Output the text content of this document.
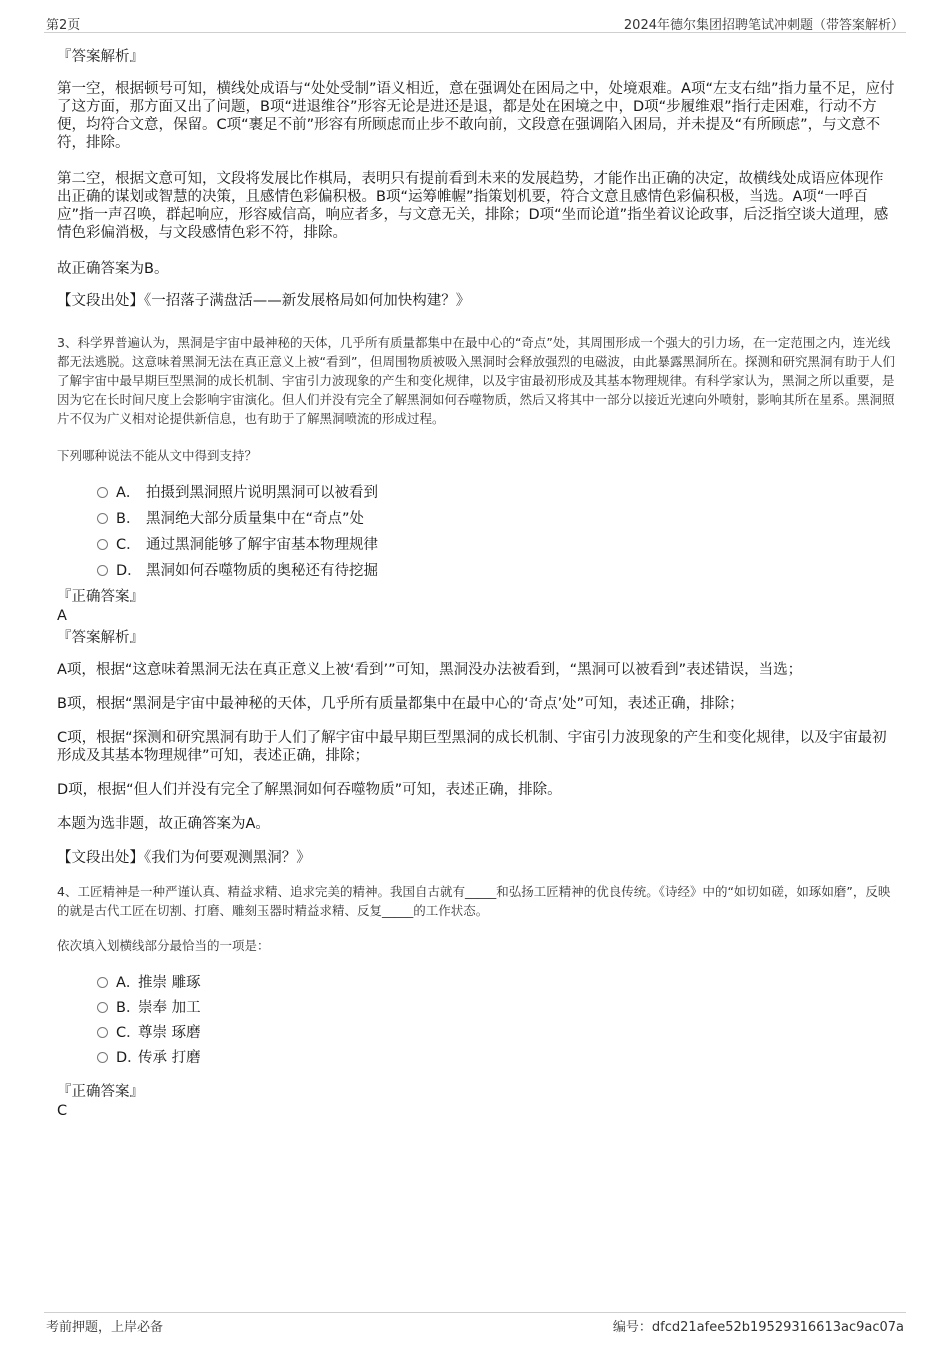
第2页	2024年德尔集团招聘笔试冲刺题（带答案解析）
『答案解析』
第一空，根据顿号可知，横线处成语与“处处受制”语义相近，意在强调处在困局之中，处境艰难。A项“左支右绌”指力量不足，应付了这方面，那方面又出了问题，B项“进退维谷”形容无论是进还是退，都是处在困境之中，D项“步履维艰”指行走困难，行动不方便，均符合文意，保留。C项“裹足不前”形容有所顾虑而止步不敢向前，文段意在强调陷入困局，并未提及“有所顾虑”，与文意不符，排除。
第二空，根据文意可知，文段将发展比作棋局，表明只有提前看到未来的发展趋势，才能作出正确的决定，故横线处成语应体现作出正确的谋划或智慧的决策，且感情色彩偏积极。B项“运筹帷幄”指策划机要，符合文意且感情色彩偏积极，当选。A项“一呼百应”指一声召唤，群起响应，形容威信高，响应者多，与文意无关，排除；D项“坐而论道”指坐着议论政事，后泛指空谈大道理，感情色彩偏消极，与文段感情色彩不符，排除。
故正确答案为B。
【文段出处】《一招落子满盘活——新发展格局如何加快构建？》
3、科学界普遍认为，黑洞是宇宙中最神秘的天体，几乎所有质量都集中在最中心的“奇点”处，其周围形成一个强大的引力场，在一定范围之内，连光线都无法逃脱。这意味着黑洞无法在真正意义上被“看到”，但周围物质被吸入黑洞时会释放强烈的电磁波，由此暴露黑洞所在。探测和研究黑洞有助于人们了解宇宙中最早期巨型黑洞的成长机制、宇宙引力波现象的产生和变化规律，以及宇宙最初形成及其基本物理规律。有科学家认为，黑洞之所以重要，是因为它在长时间尺度上会影响宇宙演化。但人们并没有完全了解黑洞如何吞噬物质，然后又将其中一部分以接近光速向外喷射，影响其所在星系。黑洞照片不仅为广义相对论提供新信息，也有助于了解黑洞喷流的形成过程。
下列哪种说法不能从文中得到支持？
A． 拍摄到黑洞照片说明黑洞可以被看到
B． 黑洞绝大部分质量集中在“奇点”处
C． 通过黑洞能够了解宇宙基本物理规律
D． 黑洞如何吞噬物质的奥秘还有待挖掘
『正确答案』
A
『答案解析』
A项，根据“这意味着黑洞无法在真正意义上被‘看到’”可知，黑洞没办法被看到，“黑洞可以被看到”表述错误，当选；
B项，根据“黑洞是宇宙中最神秘的天体，几乎所有质量都集中在最中心的‘奇点’处”可知，表述正确，排除；
C项，根据“探测和研究黑洞有助于人们了解宇宙中最早期巨型黑洞的成长机制、宇宙引力波现象的产生和变化规律，以及宇宙最初形成及其基本物理规律”可知，表述正确，排除；
D项，根据“但人们并没有完全了解黑洞如何吞噬物质”可知，表述正确，排除。
本题为选非题，故正确答案为A。
【文段出处】《我们为何要观测黑洞？》
4、工匠精神是一种严谨认真、精益求精、追求完美的精神。我国自古就有_____和弘扬工匠精神的优良传统。《诗经》中的“如切如磋，如琢如磨”，反映的就是古代工匠在切割、打磨、雕刻玉器时精益求精、反复_____的工作状态。
依次填入划横线部分最恰当的一项是：
A．推崇 雕琢
B．崇奉 加工
C．尊崇 琢磨
D．传承 打磨
『正确答案』
C
考前押题，上岸必备	编号：dfcd21afee52b19529316613ac9ac07a
